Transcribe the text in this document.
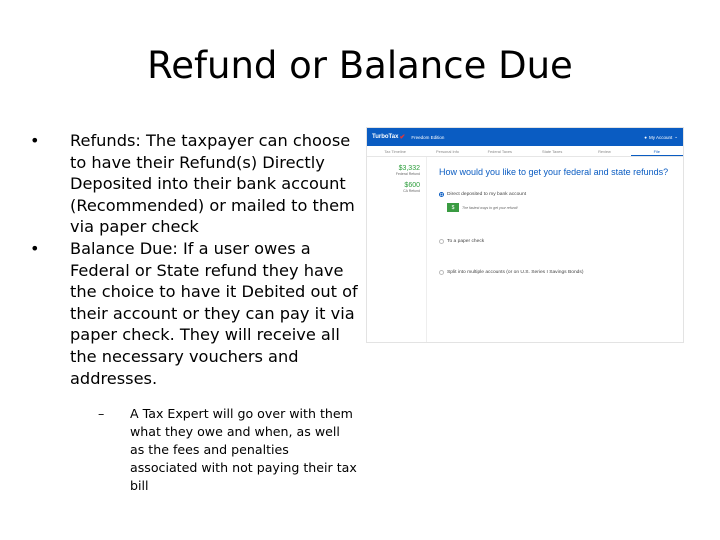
Refund or Balance Due
•	Refunds: The taxpayer can choose to have their Refund(s) Directly Deposited into their bank account (Recommended) or mailed to them via paper check
•	Balance Due: If a user owes a Federal or State refund they have the choice to have it Debited out of their account or they can pay it via paper check. They will receive all the necessary vouchers and addresses.
–	A Tax Expert will go over with them what they owe and when, as well as the fees and penalties associated with not paying their tax bill
TurboTax ✔ Freedom Edition	● My Account ⌄
Tax Timeline	Personal Info	Federal Taxes	State Taxes	Review	File
$3,332
Federal Refund
$600
CA Refund
How would you like to get your federal and state refunds?
Direct deposited to my bank account
$	The fastest ways to get your refund!
To a paper check
Split into multiple accounts (or on U.S. Series I Savings Bonds)
